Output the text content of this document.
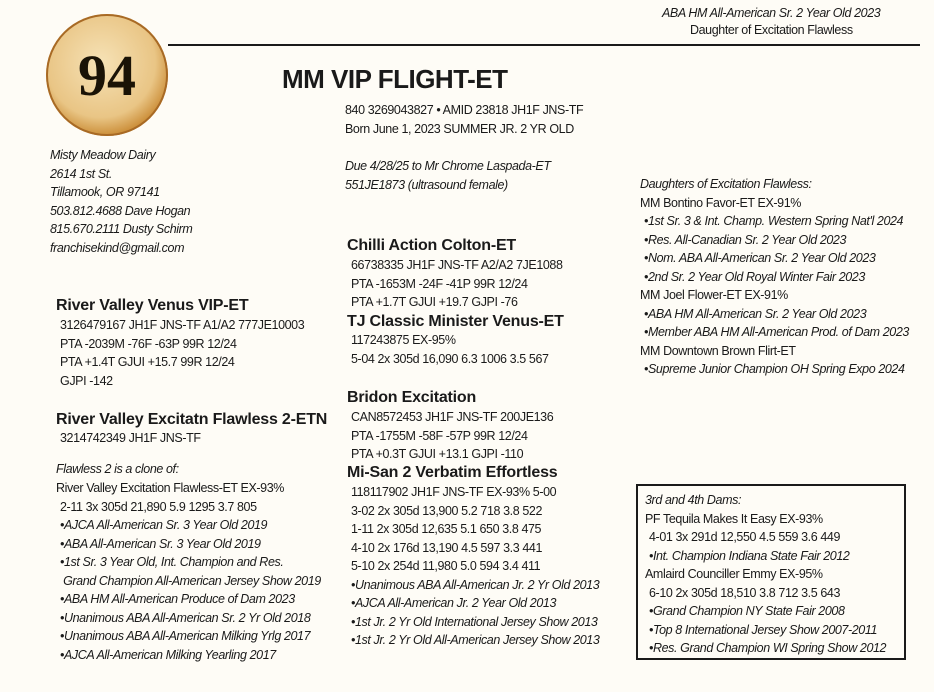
94
ABA HM All-American Sr. 2 Year Old 2023
Daughter of Excitation Flawless
MM VIP FLIGHT-ET
840 3269043827 • AMID 23818 JH1F JNS-TF
Born June 1, 2023 SUMMER JR. 2 YR OLD
Due 4/28/25 to Mr Chrome Laspada-ET
551JE1873 (ultrasound female)
Misty Meadow Dairy
2614 1st St.
Tillamook, OR 97141
503.812.4688 Dave Hogan
815.670.2111 Dusty Schirm
franchisekind@gmail.com
River Valley Venus VIP-ET
3126479167 JH1F JNS-TF A1/A2 777JE10003
PTA -2039M -76F -63P 99R 12/24
PTA +1.4T GJUI +15.7 99R 12/24
GJPI -142
River Valley Excitatn Flawless 2-ETN
3214742349 JH1F JNS-TF
Flawless 2 is a clone of:
River Valley Excitation Flawless-ET EX-93%
2-11 3x 305d 21,890 5.9 1295 3.7 805
•AJCA All-American Sr. 3 Year Old 2019
•ABA All-American Sr. 3 Year Old 2019
•1st Sr. 3 Year Old, Int. Champion and Res.
Grand Champion All-American Jersey Show 2019
•ABA HM All-American Produce of Dam 2023
•Unanimous ABA All-American Sr. 2 Yr Old 2018
•Unanimous ABA All-American Milking Yrlg 2017
•AJCA All-American Milking Yearling 2017
Chilli Action Colton-ET
66738335 JH1F JNS-TF A2/A2 7JE1088
PTA -1653M -24F -41P 99R 12/24
PTA +1.7T GJUI +19.7 GJPI -76
TJ Classic Minister Venus-ET
117243875 EX-95%
5-04 2x 305d 16,090 6.3 1006 3.5 567
Bridon Excitation
CAN8572453 JH1F JNS-TF 200JE136
PTA -1755M -58F -57P 99R 12/24
PTA +0.3T GJUI +13.1 GJPI -110
Mi-San 2 Verbatim Effortless
118117902 JH1F JNS-TF EX-93% 5-00
3-02 2x 305d 13,900 5.2 718 3.8 522
1-11 2x 305d 12,635 5.1 650 3.8 475
4-10 2x 176d 13,190 4.5 597 3.3 441
5-10 2x 254d 11,980 5.0 594 3.4 411
•Unanimous ABA All-American Jr. 2 Yr Old 2013
•AJCA All-American Jr. 2 Year Old 2013
•1st Jr. 2 Yr Old International Jersey Show 2013
•1st Jr. 2 Yr Old All-American Jersey Show 2013
Daughters of Excitation Flawless:
MM Bontino Favor-ET EX-91%
•1st Sr. 3 & Int. Champ. Western Spring Nat'l 2024
•Res. All-Canadian Sr. 2 Year Old 2023
•Nom. ABA All-American Sr. 2 Year Old 2023
•2nd Sr. 2 Year Old Royal Winter Fair 2023
MM Joel Flower-ET EX-91%
•ABA HM All-American Sr. 2 Year Old 2023
•Member ABA HM All-American Prod. of Dam 2023
MM Downtown Brown Flirt-ET
•Supreme Junior Champion OH Spring Expo 2024
3rd and 4th Dams:
PF Tequila Makes It Easy EX-93%
4-01 3x 291d 12,550 4.5 559 3.6 449
•Int. Champion Indiana State Fair 2012
Amlaird Counciller Emmy EX-95%
6-10 2x 305d 18,510 3.8 712 3.5 643
•Grand Champion NY State Fair 2008
•Top 8 International Jersey Show 2007-2011
•Res. Grand Champion WI Spring Show 2012
